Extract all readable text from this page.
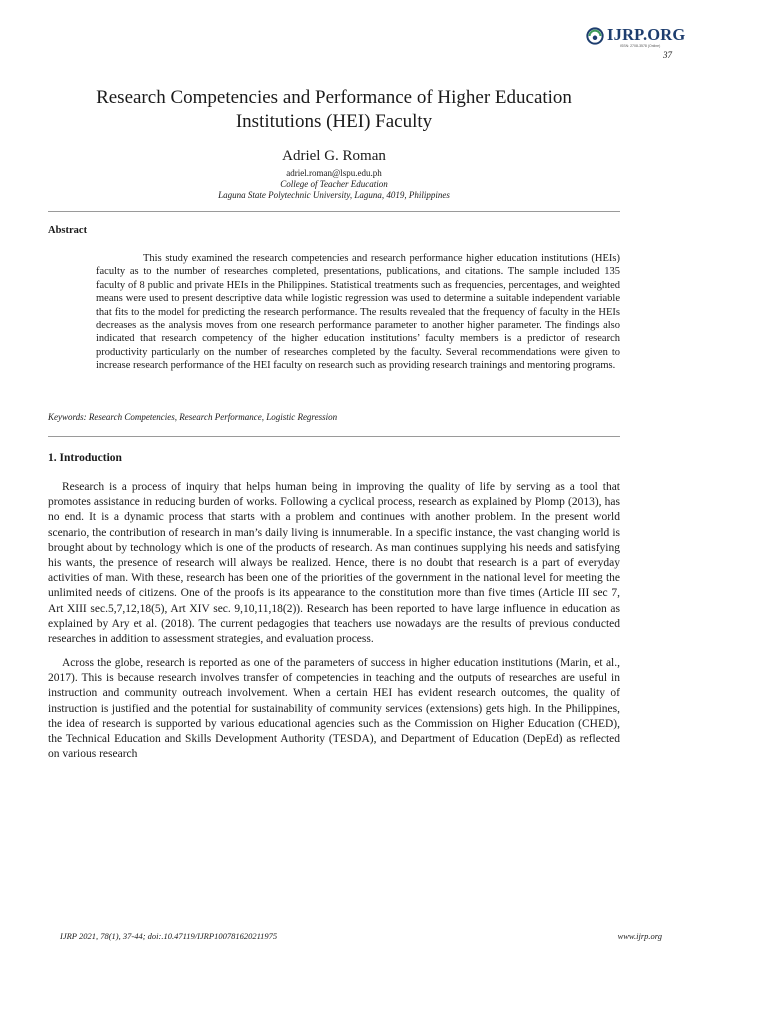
IJRP.ORG
ISSN: 2708-3578 (Online)
37
Research Competencies and Performance of Higher Education
Institutions (HEI) Faculty
Adriel G. Roman
adriel.roman@lspu.edu.ph
College of Teacher Education
Laguna State Polytechnic University, Laguna, 4019, Philippines
Abstract
This study examined the research competencies and research performance higher education institutions (HEIs) faculty as to the number of researches completed, presentations, publications, and citations. The sample included 135 faculty of 8 public and private HEIs in the Philippines. Statistical treatments such as frequencies, percentages, and weighted means were used to present descriptive data while logistic regression was used to determine a suitable independent variable that fits to the model for predicting the research performance. The results revealed that the frequency of faculty in the HEIs decreases as the analysis moves from one research performance parameter to another higher parameter. The findings also indicated that research competency of the higher education institutions’ faculty members is a predictor of research productivity particularly on the number of researches completed by the faculty. Several recommendations were given to increase research performance of the HEI faculty on research such as providing research trainings and mentoring programs.
Keywords: Research Competencies, Research Performance, Logistic Regression
1. Introduction
Research is a process of inquiry that helps human being in improving the quality of life by serving as a tool that promotes assistance in reducing burden of works. Following a cyclical process, research as explained by Plomp (2013), has no end. It is a dynamic process that starts with a problem and continues with another problem. In the present world scenario, the contribution of research in man’s daily living is innumerable. In a specific instance, the vast changing world is brought about by technology which is one of the products of research. As man continues supplying his needs and satisfying his wants, the presence of research will always be realized. Hence, there is no doubt that research is a part of everyday activities of man. With these, research has been one of the priorities of the government in the national level for meeting the unlimited needs of citizens. One of the proofs is its appearance to the constitution more than five times (Article III sec 7, Art XIII sec.5,7,12,18(5), Art XIV sec. 9,10,11,18(2)). Research has been reported to have large influence in education as explained by Ary et al. (2018). The current pedagogies that teachers use nowadays are the results of previous conducted researches in addition to assessment strategies, and evaluation process.
Across the globe, research is reported as one of the parameters of success in higher education institutions (Marin, et al., 2017). This is because research involves transfer of competencies in teaching and the outputs of researches are useful in instruction and community outreach involvement. When a certain HEI has evident research outcomes, the quality of instruction is justified and the potential for sustainability of community services (extensions) gets high. In the Philippines, the idea of research is supported by various educational agencies such as the Commission on Higher Education (CHED), the Technical Education and Skills Development Authority (TESDA), and Department of Education (DepEd) as reflected on various research
IJRP 2021, 78(1), 37-44; doi:.10.47119/IJRP100781620211975	www.ijrp.org
